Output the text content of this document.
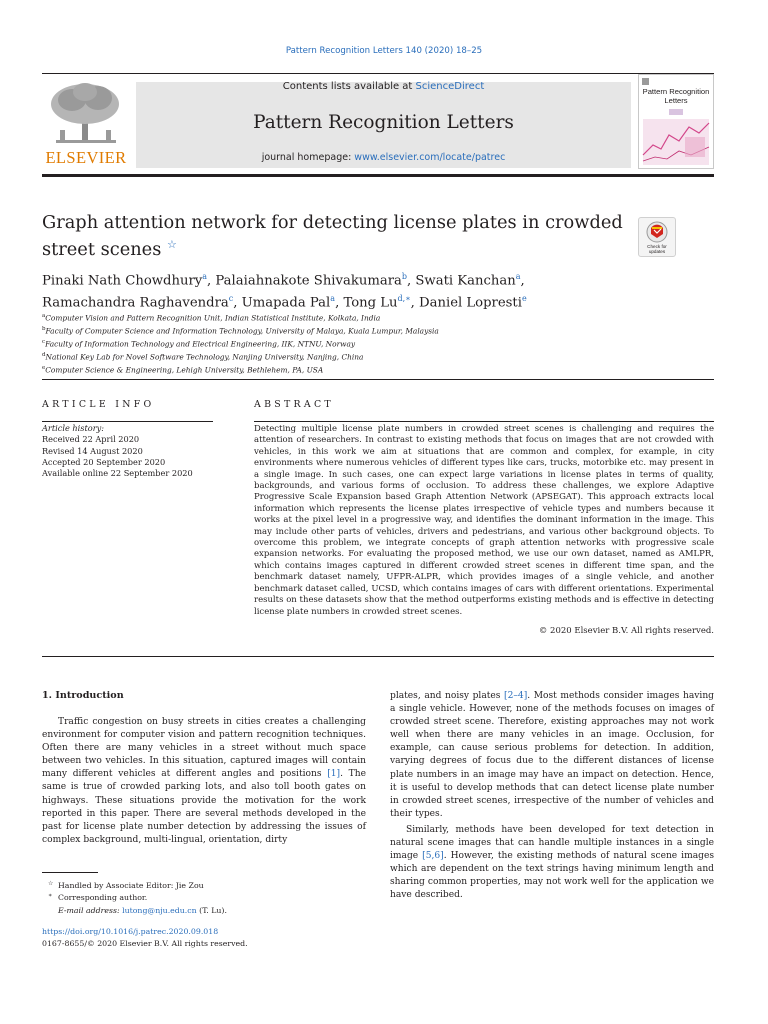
Pattern Recognition Letters 140 (2020) 18–25
ELSEVIER
Contents lists available at ScienceDirect
Pattern Recognition Letters
journal homepage: www.elsevier.com/locate/patrec
Pattern Recognition Letters
Graph attention network for detecting license plates in crowded street scenes ☆	Check for updates
Pinaki Nath Chowdhury$^a$, Palaiahnakote Shivakumara$^b$, Swati Kanchan$^a$,
Ramachandra Raghavendra$^c$, Umapada Pal$^a$, Tong $Lu^{d,∗}$, Daniel Lopresti$^e$
$^a$Computer Vision and Pattern Recognition Unit, Indian Statistical Institute, Kolkata, India
$^b$Faculty of Computer Science and Information Technology, University of Malaya, Kuala Lumpur, Malaysia
$^c$Faculty of Information Technology and Electrical Engineering, IIK, NTNU, Norway
$^d$National Key Lab for Novel Software Technology, Nanjing University, Nanjing, China
$^e$Computer Science & Engineering, Lehigh University, Bethlehem, PA, USA
ARTICLE INFO	ABSTRACT
Article history:
Received 22 April 2020
Revised 14 August 2020
Accepted 20 September 2020
Available online 22 September 2020
Detecting multiple license plate numbers in crowded street scenes is challenging and requires the attention of researchers. In contrast to existing methods that focus on images that are not crowded with vehicles, in this work we aim at situations that are common and complex, for example, in city environments where numerous vehicles of different types like cars, trucks, motorbike etc. may present in a single image. In such cases, one can expect large variations in license plates in terms of quality, backgrounds, and various forms of occlusion. To address these challenges, we explore Adaptive Progressive Scale Expansion based Graph Attention Network (APSEGAT). This approach extracts local information which represents the license plates irrespective of vehicle types and numbers because it works at the pixel level in a progressive way, and identifies the dominant information in the image. This may include other parts of vehicles, drivers and pedestrians, and various other background objects. To overcome this problem, we integrate concepts of graph attention networks with progressive scale expansion networks. For evaluating the proposed method, we use our own dataset, named as AMLPR, which contains images captured in different crowded street scenes in different time span, and the benchmark dataset namely, UFPR-ALPR, which provides images of a single vehicle, and another benchmark dataset called, UCSD, which contains images of cars with different orientations. Experimental results on these datasets show that the method outperforms existing methods and is effective in detecting license plate numbers in crowded street scenes.
© 2020 Elsevier B.V. All rights reserved.
1. Introduction
Traffic congestion on busy streets in cities creates a challenging environment for computer vision and pattern recognition techniques. Often there are many vehicles in a street without much space between two vehicles. In this situation, captured images will contain many different vehicles at different angles and positions [1]. The same is true of crowded parking lots, and also toll booth gates on highways. These situations provide the motivation for the work reported in this paper. There are several methods developed in the past for license plate number detection by addressing the issues of complex background, multi-lingual, orientation, dirty
plates, and noisy plates [2–4]. Most methods consider images having a single vehicle. However, none of the methods focuses on images of crowded street scene. Therefore, existing approaches may not work well when there are many vehicles in an image. Occlusion, for example, can cause serious problems for detection. In addition, varying degrees of focus due to the different distances of license plate numbers in an image may have an impact on detection. Hence, it is useful to develop methods that can detect license plate number in crowded street scenes, irrespective of the number of vehicles and their types.
Similarly, methods have been developed for text detection in natural scene images that can handle multiple instances in a single image [5,6]. However, the existing methods of natural scene images which are dependent on the text strings having minimum length and sharing common properties, may not work well for the application we have described.
☆ Handled by Associate Editor: Jie Zou
∗ Corresponding author.
E-mail address: lutong@nju.edu.cn (T. Lu).
https://doi.org/10.1016/j.patrec.2020.09.018
0167-8655/© 2020 Elsevier B.V. All rights reserved.
